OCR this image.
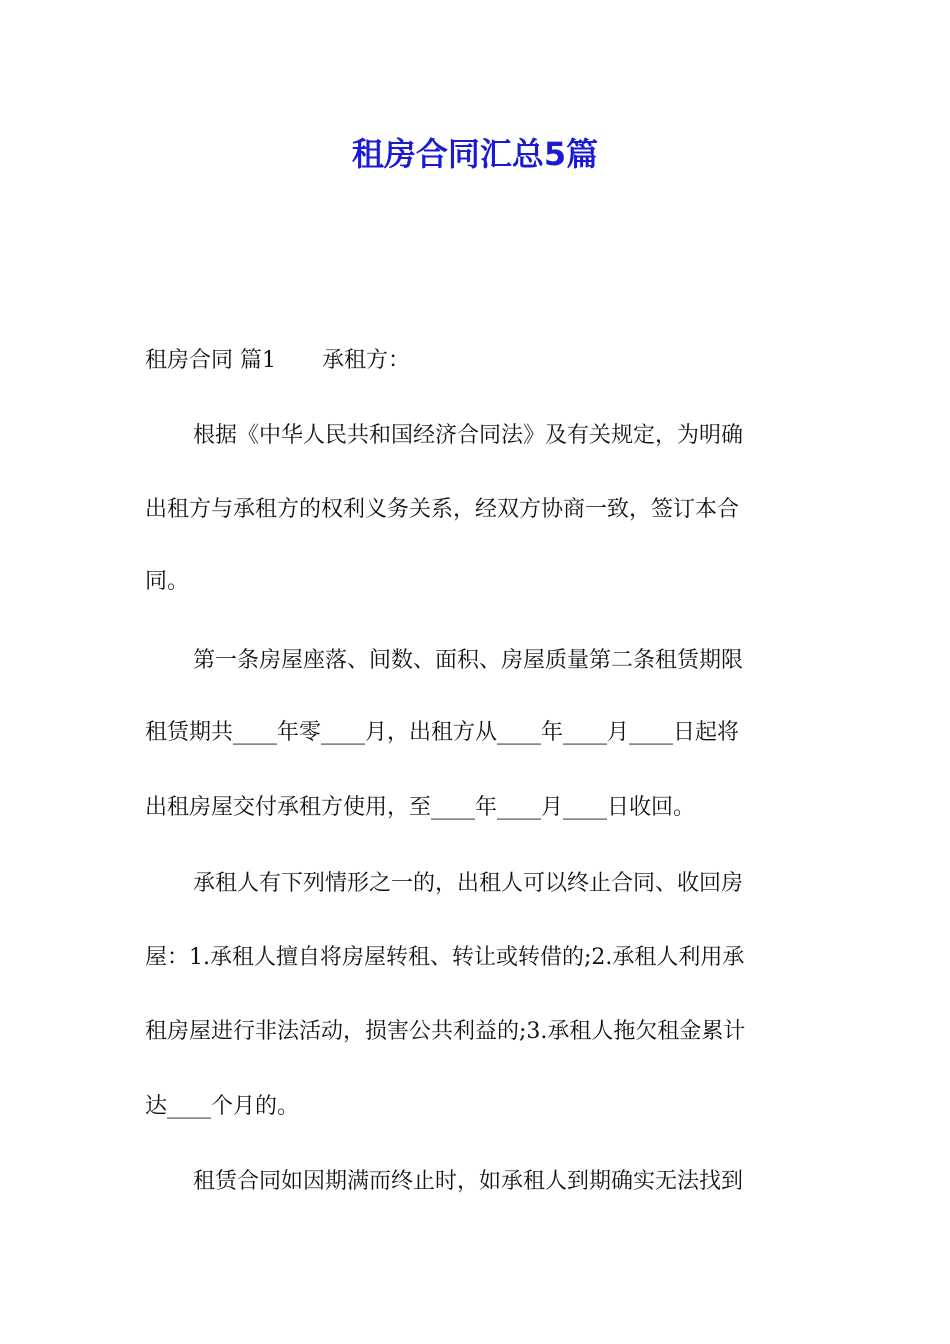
租房合同汇总5篇

租房合同 篇1 承租方：

根据《中华人民共和国经济合同法》及有关规定，为明确

出租方与承租方的权利义务关系，经双方协商一致，签订本合

同。

第一条房屋座落、间数、面积、房屋质量第二条租赁期限

租赁期共____年零____月，出租方从____年____月____日起将

出租房屋交付承租方使用，至____年____月____日收回。

承租人有下列情形之一的，出租人可以终止合同、收回房

屋：1.承租人擅自将房屋转租、转让或转借的;2.承租人利用承

租房屋进行非法活动，损害公共利益的;3.承租人拖欠租金累计

达____个月的。

租赁合同如因期满而终止时，如承租人到期确实无法找到
